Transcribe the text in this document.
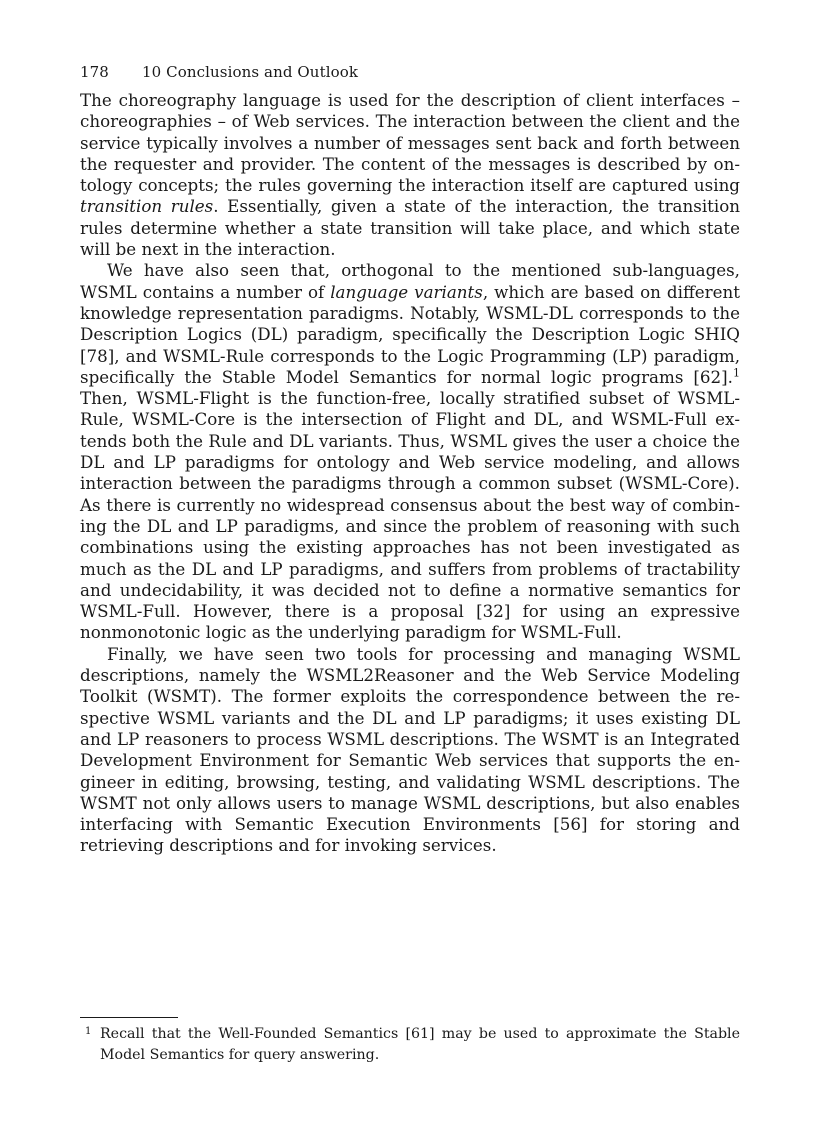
178 10 Conclusions and Outlook

The choreography language is used for the description of client interfaces – choreographies – of Web services. The interaction between the client and the service typically involves a number of messages sent back and forth between the requester and provider. The content of the messages is described by ontology concepts; the rules governing the interaction itself are captured using transition rules. Essentially, given a state of the interaction, the transition rules determine whether a state transition will take place, and which state will be next in the interaction.

We have also seen that, orthogonal to the mentioned sub-languages, WSML contains a number of language variants, which are based on different knowledge representation paradigms. Notably, WSML-DL corresponds to the Description Logics (DL) paradigm, specifically the Description Logic SHIQ [78], and WSML-Rule corresponds to the Logic Programming (LP) paradigm, specifically the Stable Model Semantics for normal logic programs [62].$^1$ Then, WSML-Flight is the function-free, locally stratified subset of WSML-Rule, WSML-Core is the intersection of Flight and DL, and WSML-Full extends both the Rule and DL variants. Thus, WSML gives the user a choice the DL and LP paradigms for ontology and Web service modeling, and allows interaction between the paradigms through a common subset (WSML-Core). As there is currently no widespread consensus about the best way of combining the DL and LP paradigms, and since the problem of reasoning with such combinations using the existing approaches has not been investigated as much as the DL and LP paradigms, and suffers from problems of tractability and undecidability, it was decided not to define a normative semantics for WSML-Full. However, there is a proposal [32] for using an expressive nonmonotonic logic as the underlying paradigm for WSML-Full.

Finally, we have seen two tools for processing and managing WSML descriptions, namely the WSML2Reasoner and the Web Service Modeling Toolkit (WSMT). The former exploits the correspondence between the respective WSML variants and the DL and LP paradigms; it uses existing DL and LP reasoners to process WSML descriptions. The WSMT is an Integrated Development Environment for Semantic Web services that supports the engineer in editing, browsing, testing, and validating WSML descriptions. The WSMT not only allows users to manage WSML descriptions, but also enables interfacing with Semantic Execution Environments [56] for storing and retrieving descriptions and for invoking services.

1 Recall that the Well-Founded Semantics [61] may be used to approximate the Stable Model Semantics for query answering.
